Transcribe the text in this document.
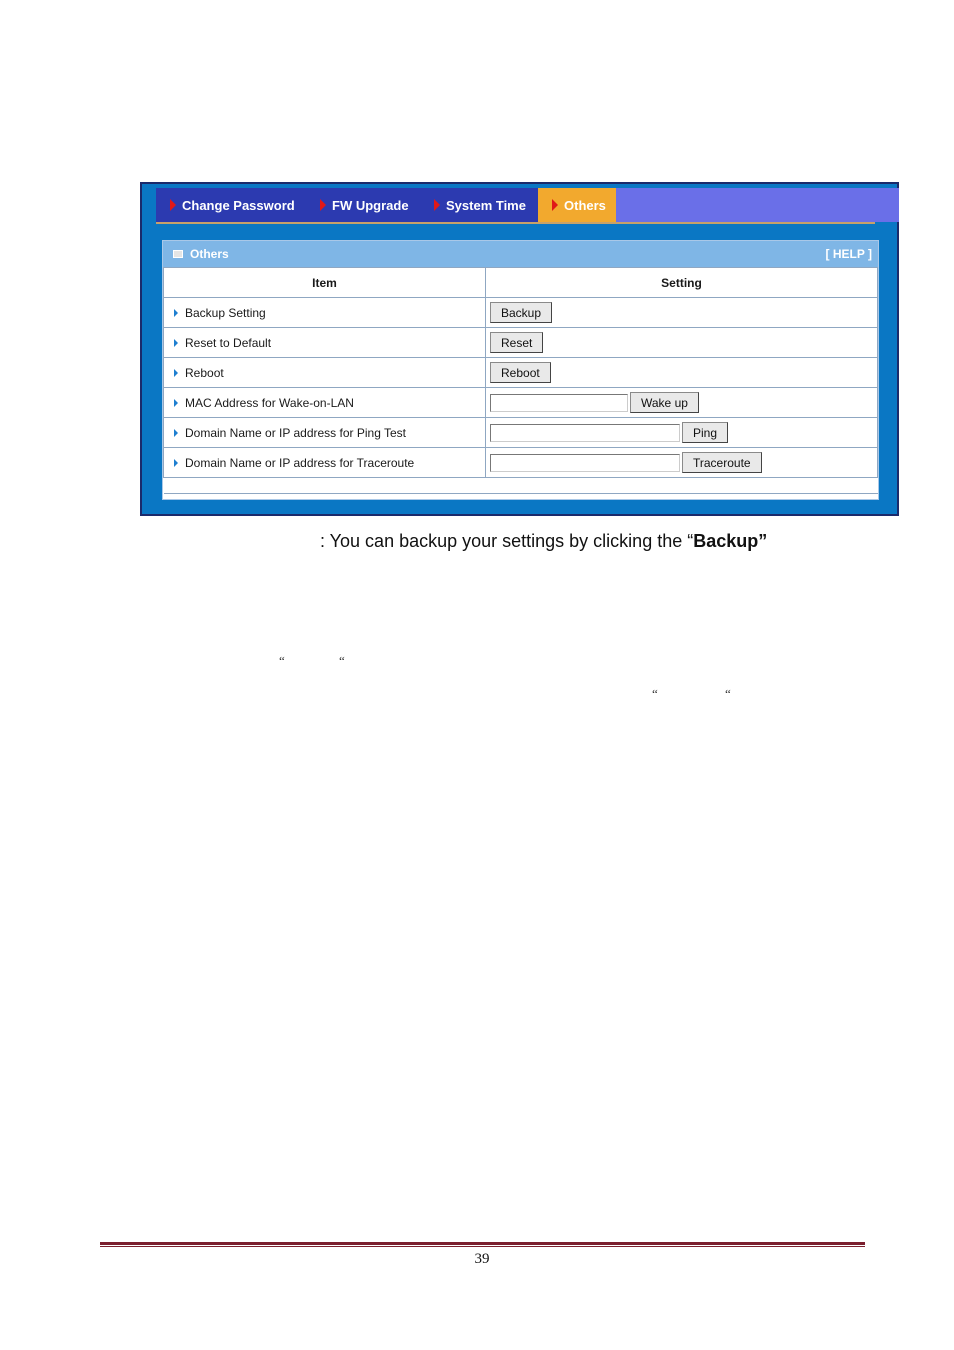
Change Password	FW Upgrade	System Time	Others
Others	[ HELP ]
Item	Setting
Backup Setting	Backup
Reset to Default	Reset
Reboot	Reboot
MAC Address for Wake-on-LAN	Wake up
Domain Name or IP address for Ping Test	Ping
Domain Name or IP address for Traceroute	Traceroute

: You can backup your settings by clicking the “Backup”
“	“
“	“
39
